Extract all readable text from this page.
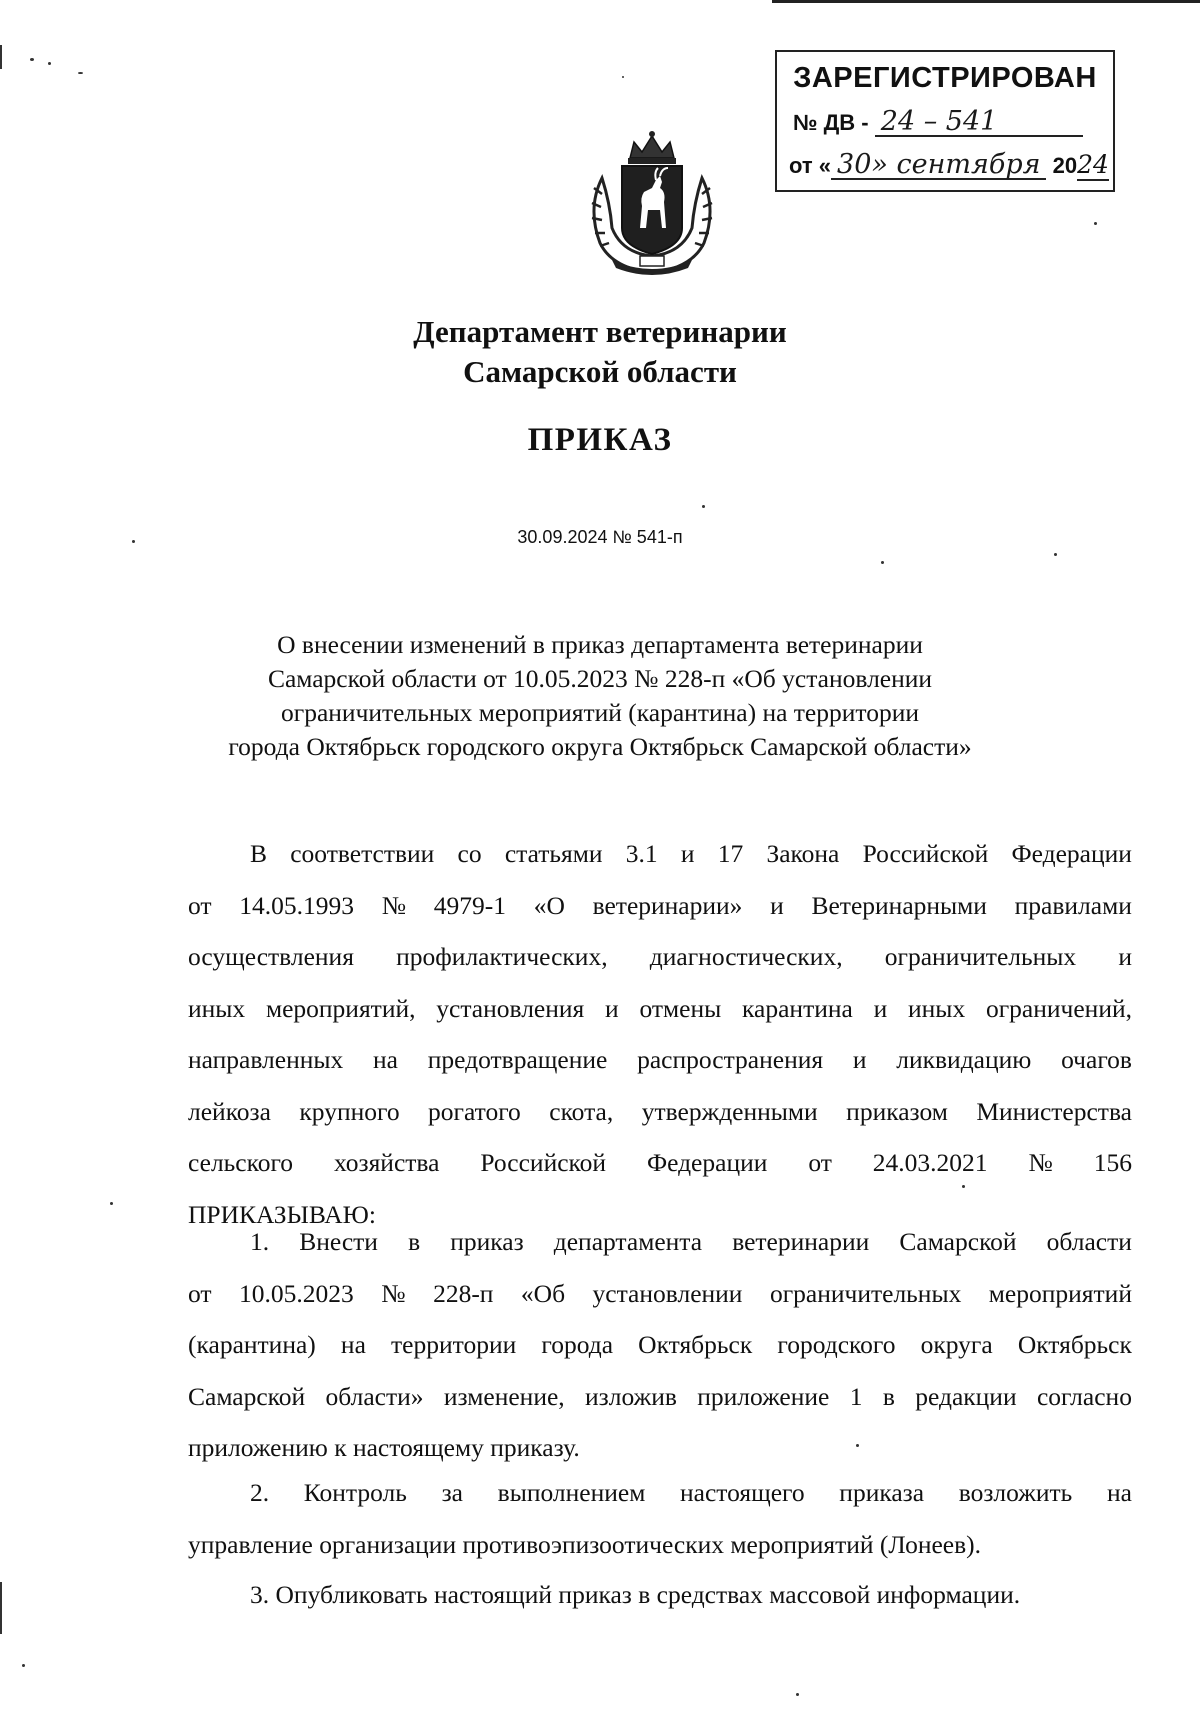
ЗАРЕГИСТРИРОВАН
№ ДВ - 24 – 541
от « 30» сентября 2024
Департамент ветеринарии
Самарской области
ПРИКАЗ
30.09.2024 № 541-п
О внесении изменений в приказ департамента ветеринарии
Самарской области от 10.05.2023 № 228-п «Об установлении
ограничительных мероприятий (карантина) на территории
города Октябрьск городского округа Октябрьск Самарской области»
В соответствии со статьями 3.1 и 17 Закона Российской Федерации
от 14.05.1993 № 4979-1 «О ветеринарии» и Ветеринарными правилами
осуществления профилактических, диагностических, ограничительных и
иных мероприятий, установления и отмены карантина и иных ограничений,
направленных на предотвращение распространения и ликвидацию очагов
лейкоза крупного рогатого скота, утвержденными приказом Министерства
сельского хозяйства Российской Федерации от 24.03.2021 № 156
ПРИКАЗЫВАЮ:
1. Внести в приказ департамента ветеринарии Самарской области
от 10.05.2023 № 228-п «Об установлении ограничительных мероприятий
(карантина) на территории города Октябрьск городского округа Октябрьск
Самарской области» изменение, изложив приложение 1 в редакции согласно
приложению к настоящему приказу.
2. Контроль за выполнением настоящего приказа возложить на
управление организации противоэпизоотических мероприятий (Лонеев).
3. Опубликовать настоящий приказ в средствах массовой информации.
